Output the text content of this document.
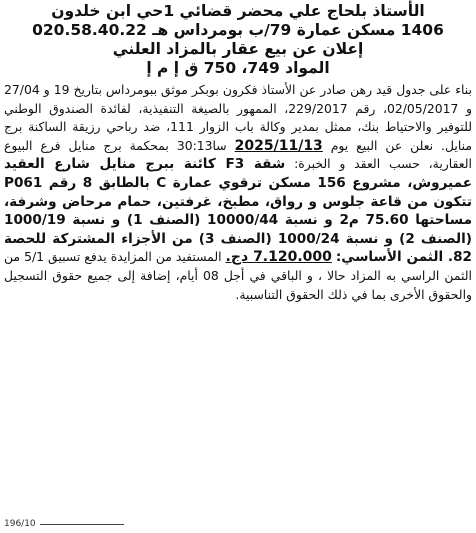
الأستاذ بلحاج علي محضر قضائي 1حي ابن خلدون
1406 مسكن عمارة 79/ب بومرداس هـ 020.58.40.22
إعلان عن بيع عقار بالمزاد العلني
المواد 749، 750 ق إ م إ
بناء على جدول قيد رهن صادر عن الأستاذ فكرون بوبكر موثق ببومرداس بتاريخ 19 و 27/04 و 02/05/2017، رقم 229/2017، الممهور بالصيغة التنفيذية، لفائدة الصندوق الوطني للتوفير والاحتياط بنك، ممثل بمدير وكالة باب الزوار 111، ضد رباحي رزيقة الساكنة برج منايل. نعلن عن البيع يوم 2025/11/13 سا30:13 بمحكمة برج منايل فرع البيوع العقارية، حسب العقد و الخبرة: شقة F3 كائنة ببرج منايل شارع العقيد عميروش، مشروع 156 مسكن ترقوي عمارة C بالطابق 8 رقم P061 تتكون من قاعة جلوس و رواق، مطبخ، غرفتين، حمام مرحاض وشرفة، مساحتها 75.60 م2 و نسبة 10000/44 (الصنف 1) و نسبة 1000/19 (الصنف 2) و نسبة 1000/24 (الصنف 3) من الأجزاء المشتركة للحصة 82. الثمن الأساسي: 7.120.000 دج. المستفيد من المزايدة يدفع تسبيق 5/1 من الثمن الراسي به المزاد حالا ، و الباقي في أجل 08 أيام، إضافة إلى جميع حقوق التسجيل والحقوق الأخرى بما في ذلك الحقوق التناسبية.
196/10
